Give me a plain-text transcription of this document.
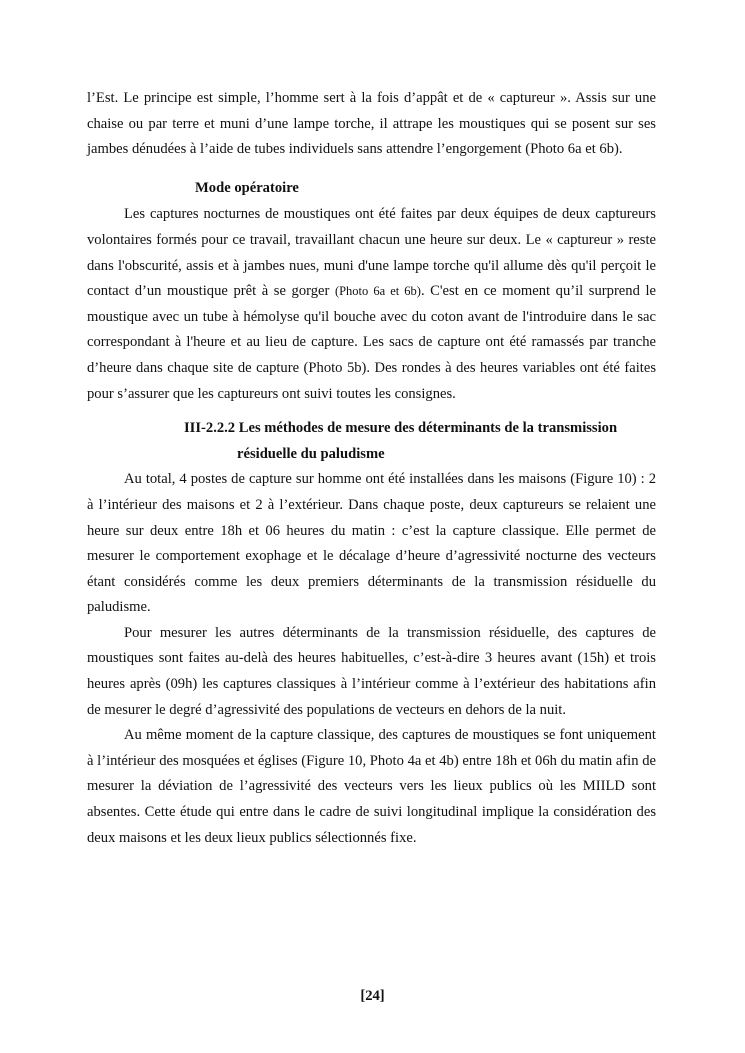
l’Est. Le principe est simple, l’homme sert à la fois d’appât et de « captureur ». Assis sur une chaise ou par terre et muni d’une lampe torche, il attrape les moustiques qui se posent sur ses jambes dénudées à l’aide de tubes individuels sans attendre l’engorgement (Photo 6a et 6b).

Mode opératoire

Les captures nocturnes de moustiques ont été faites par deux équipes de deux captureurs volontaires formés pour ce travail, travaillant chacun une heure sur deux. Le « captureur » reste dans l'obscurité, assis et à jambes nues, muni d'une lampe torche qu'il allume dès qu'il perçoit le contact d’un moustique prêt à se gorger (Photo 6a et 6b). C'est en ce moment qu’il surprend le moustique avec un tube à hémolyse qu'il bouche avec du coton avant de l'introduire dans le sac correspondant à l'heure et au lieu de capture. Les sacs de capture ont été ramassés par tranche d’heure dans chaque site de capture (Photo 5b). Des rondes à des heures variables ont été faites pour s’assurer que les captureurs ont suivi toutes les consignes.

III-2.2.2 Les méthodes de mesure des déterminants de la transmission
résiduelle du paludisme

Au total, 4 postes de capture sur homme ont été installées dans les maisons (Figure 10) : 2 à l’intérieur des maisons et 2 à l’extérieur. Dans chaque poste, deux captureurs se relaient une heure sur deux entre 18h et 06 heures du matin : c’est la capture classique. Elle permet de mesurer le comportement exophage et le décalage d’heure d’agressivité nocturne des vecteurs étant considérés comme les deux premiers déterminants de la transmission résiduelle du paludisme.

Pour mesurer les autres déterminants de la transmission résiduelle, des captures de moustiques sont faites au-delà des heures habituelles, c’est-à-dire 3 heures avant (15h) et trois heures après (09h) les captures classiques à l’intérieur comme à l’extérieur des habitations afin de mesurer le degré d’agressivité des populations de vecteurs en dehors de la nuit.

Au même moment de la capture classique, des captures de moustiques se font uniquement à l’intérieur des mosquées et églises (Figure 10, Photo 4a et 4b) entre 18h et 06h du matin afin de mesurer la déviation de l’agressivité des vecteurs vers les lieux publics où les MIILD sont absentes. Cette étude qui entre dans le cadre de suivi longitudinal implique la considération des deux maisons et les deux lieux publics sélectionnés fixe.

[24]
